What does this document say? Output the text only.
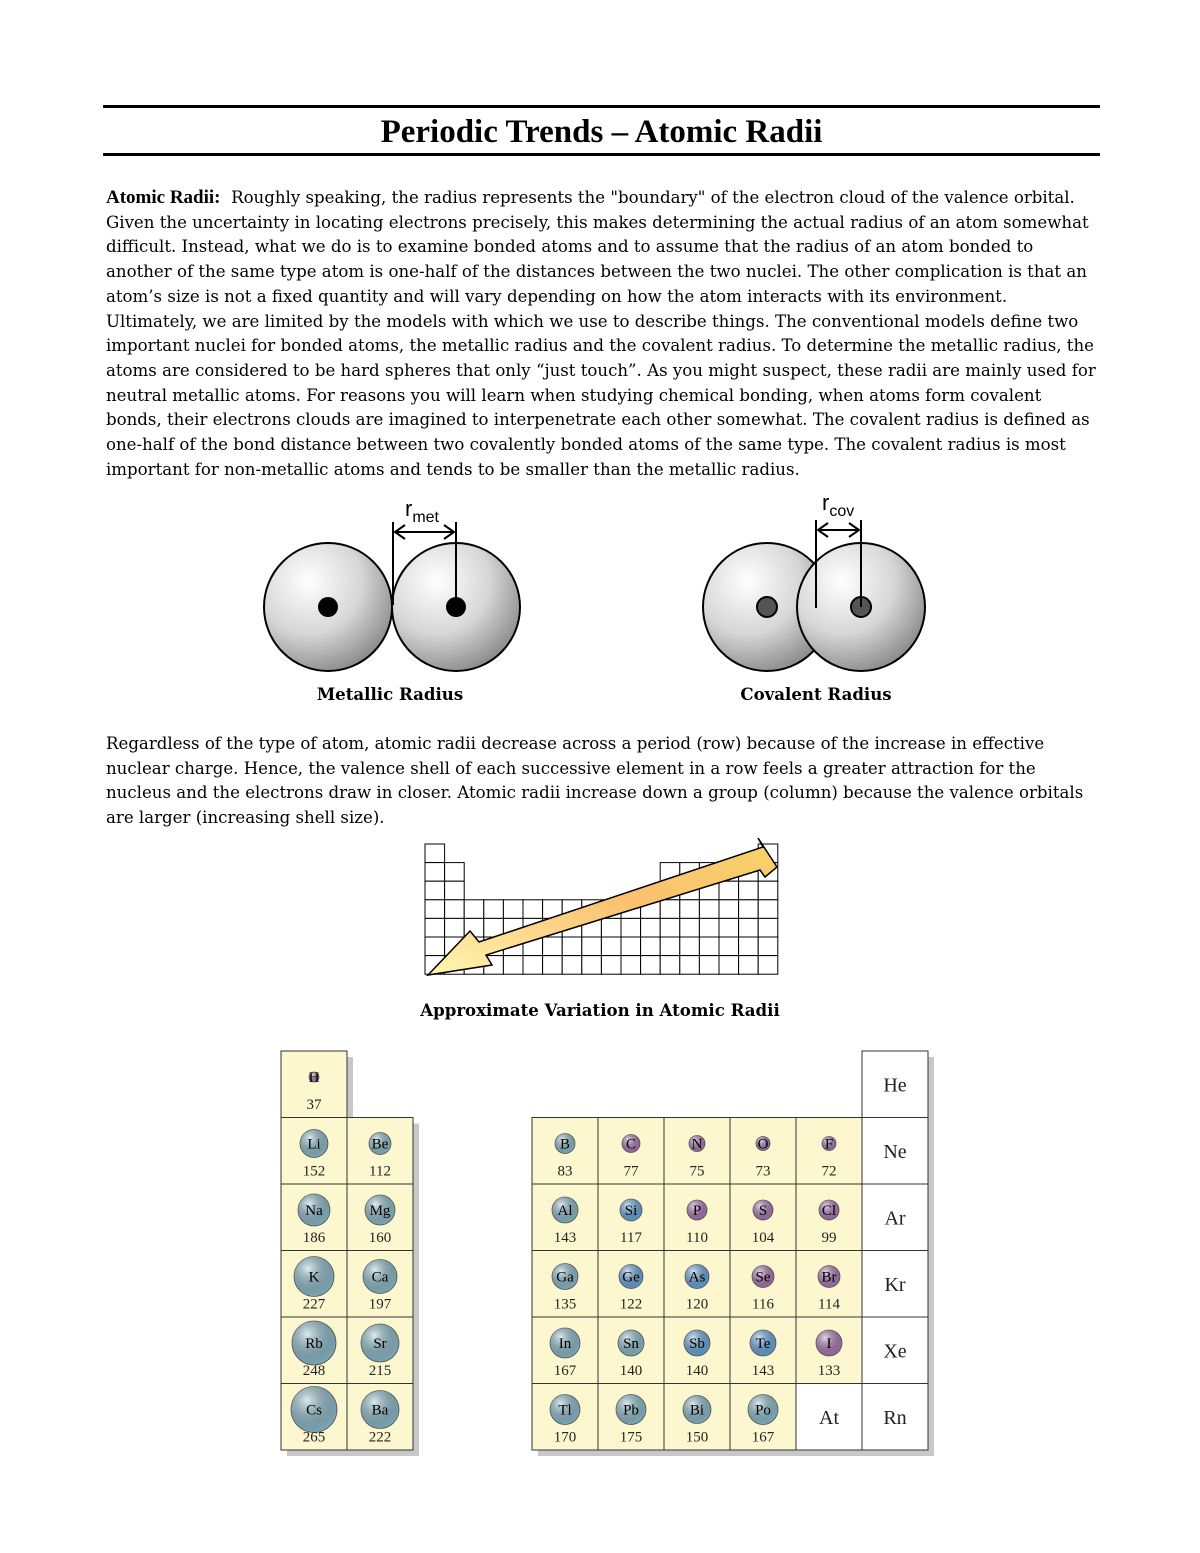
Periodic Trends – Atomic Radii
Atomic Radii: Roughly speaking, the radius represents the "boundary" of the electron cloud of the valence orbital. Given the uncertainty in locating electrons precisely, this makes determining the actual radius of an atom somewhat difficult. Instead, what we do is to examine bonded atoms and to assume that the radius of an atom bonded to another of the same type atom is one-half of the distances between the two nuclei. The other complication is that an atom’s size is not a fixed quantity and will vary depending on how the atom interacts with its environment. Ultimately, we are limited by the models with which we use to describe things. The conventional models define two important nuclei for bonded atoms, the metallic radius and the covalent radius. To determine the metallic radius, the atoms are considered to be hard spheres that only “just touch”. As you might suspect, these radii are mainly used for neutral metallic atoms. For reasons you will learn when studying chemical bonding, when atoms form covalent bonds, their electrons clouds are imagined to interpenetrate each other somewhat. The covalent radius is defined as one-half of the bond distance between two covalently bonded atoms of the same type. The covalent radius is most important for non-metallic atoms and tends to be smaller than the metallic radius.
$r_{met}$
$r_{cov}$
Metallic Radius	Covalent Radius
Regardless of the type of atom, atomic radii decrease across a period (row) because of the increase in effective nuclear charge. Hence, the valence shell of each successive element in a row feels a greater attraction for the nucleus and the electrons draw in closer. Atomic radii increase down a group (column) because the valence orbitals are larger (increasing shell size).
Approximate Variation in Atomic Radii
H
37
Li
152
Be
112
Na
186
Mg
160
K
227
Ca
197
Rb
248
Sr
215
Cs
265
Ba
222
He
B
83
C
77
N
75
O
73
F
72
Ne
Al
143
Si
117
P
110
S
104
Cl
99
Ar
Ga
135
Ge
122
As
120
Se
116
Br
114
Kr
In
167
Sn
140
Sb
140
Te
143
I
133
Xe
Tl
170
Pb
175
Bi
150
Po
167
At Rn
